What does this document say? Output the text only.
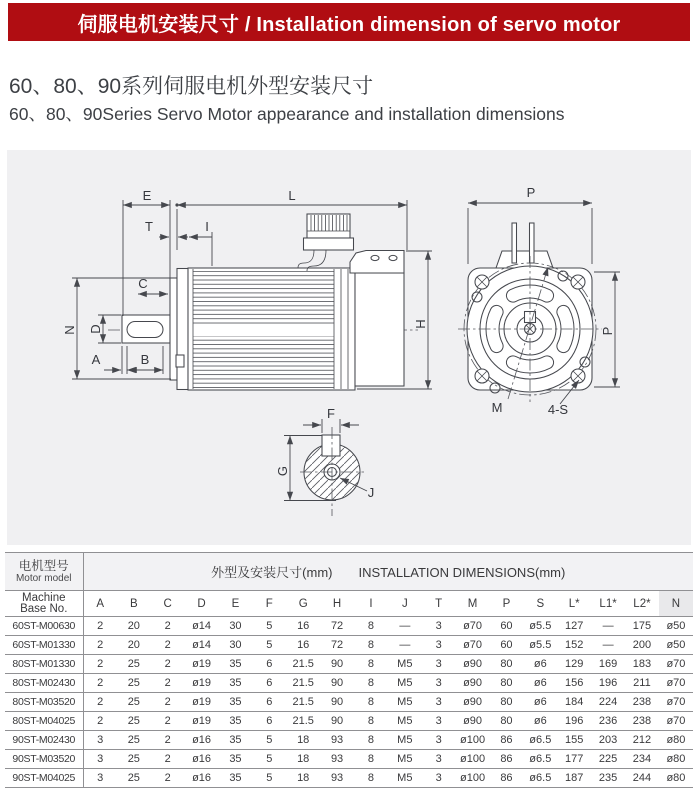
伺服电机安装尺寸 / Installation dimension of servo motor
60、80、90系列伺服电机外型安装尺寸
60、80、90Series Servo Motor appearance and installation dimensions
E	L
T	I
C
N D
A	B
H
P
P
M	4-S
F
G
J
电机型号
Motor model	外型及安装尺寸(mm) INSTALLATION DIMENSIONS(mm)																	

Machine
Base No.	A	B	C	D	E	F	G	H	I	J	T	M	P	S	L*	L1*	L2*	N
60ST-M00630	2	20	2	ø14	30	5	16	72	8	—	3	ø70	60	ø5.5	127	—	175	ø50
60ST-M01330	2	20	2	ø14	30	5	16	72	8	—	3	ø70	60	ø5.5	152	—	200	ø50
80ST-M01330	2	25	2	ø19	35	6	21.5	90	8	M5	3	ø90	80	ø6	129	169	183	ø70
80ST-M02430	2	25	2	ø19	35	6	21.5	90	8	M5	3	ø90	80	ø6	156	196	211	ø70
80ST-M03520	2	25	2	ø19	35	6	21.5	90	8	M5	3	ø90	80	ø6	184	224	238	ø70
80ST-M04025	2	25	2	ø19	35	6	21.5	90	8	M5	3	ø90	80	ø6	196	236	238	ø70
90ST-M02430	3	25	2	ø16	35	5	18	93	8	M5	3	ø100	86	ø6.5	155	203	212	ø80
90ST-M03520	3	25	2	ø16	35	5	18	93	8	M5	3	ø100	86	ø6.5	177	225	234	ø80
90ST-M04025	3	25	2	ø16	35	5	18	93	8	M5	3	ø100	86	ø6.5	187	235	244	ø80
